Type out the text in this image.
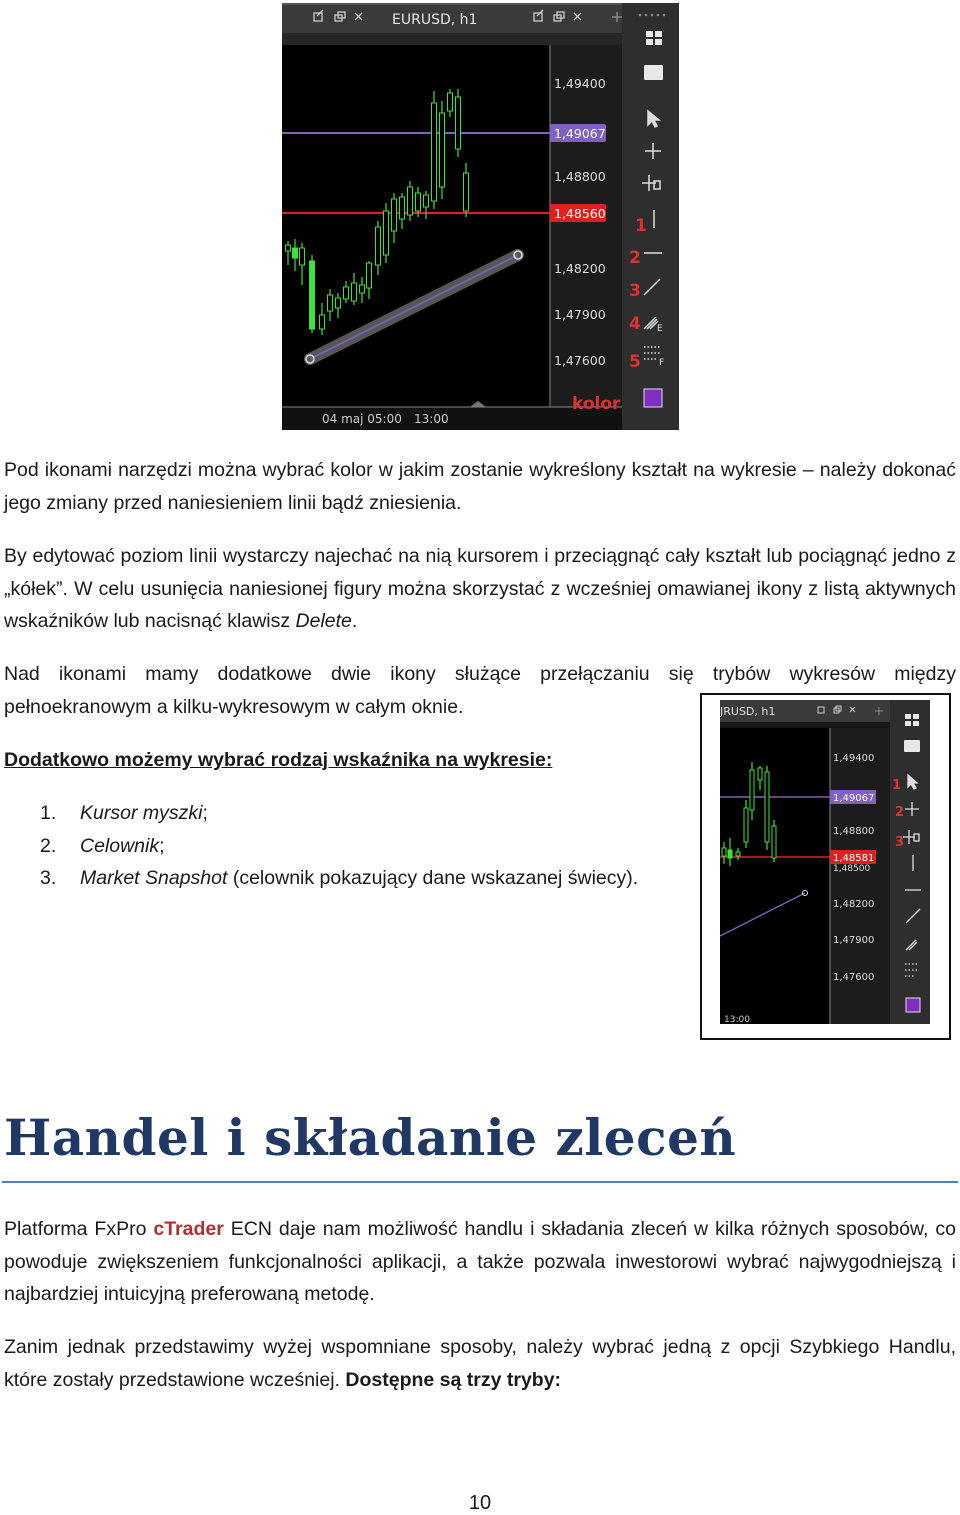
EURUSD, h1
1,49400
1,49067
1,48800
1,48560
1,48200
1,47900
1,47600
04 maj 05:00 13:00
kolor
E
F
1
2
3
4
5

Pod ikonami narzędzi można wybrać kolor w jakim zostanie wykreślony kształt na wykresie – należy dokonać jego zmiany przed naniesieniem linii bądź zniesienia.

By edytować poziom linii wystarczy najechać na nią kursorem i przeciągnąć cały kształt lub pociągnąć jedno z „kółek”. W celu usunięcia naniesionej figury można skorzystać z wcześniej omawianej ikony z listą aktywnych wskaźników lub nacisnąć klawisz Delete.

Nad ikonami mamy dodatkowe dwie ikony służące przełączaniu się trybów wykresów między pełnoekranowym a kilku-wykresowym w całym oknie.

Dodatkowo możemy wybrać rodzaj wskaźnika na wykresie:

1.	Kursor myszki;
2.	Celownik;
3.	Market Snapshot (celownik pokazujący dane wskazanej świecy).
JRUSD, h1
1,49400
1,49067
1,48800
1,48581
1,48500
1,48200
1,47900
1,47600
13:00
1
2
3
Handel i składanie zleceń

Platforma FxPro cTrader ECN daje nam możliwość handlu i składania zleceń w kilka różnych sposobów, co powoduje zwiększeniem funkcjonalności aplikacji, a także pozwala inwestorowi wybrać najwygodniejszą i najbardziej intuicyjną preferowaną metodę.

Zanim jednak przedstawimy wyżej wspomniane sposoby, należy wybrać jedną z opcji Szybkiego Handlu, które zostały przedstawione wcześniej. Dostępne są trzy tryby:

10
